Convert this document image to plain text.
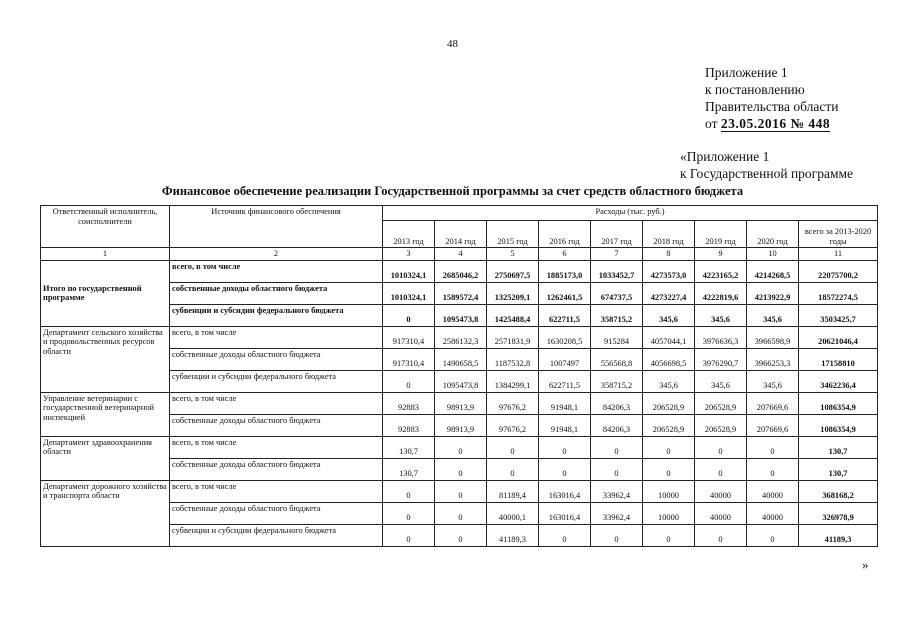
48
Приложение 1
к постановлению
Правительства области
от 23.05.2016 № 448
«Приложение 1
к Государственной программе
Финансовое обеспечение реализации Государственной программы за счет средств областного бюджета
Ответственный исполнитель, соисполнители	Источник финансового обеспечения	Расходы (тыс. руб.)								
		2013 год	2014 год	2015 год	2016 год	2017 год	2018 год	2019 год	2020 год	всего за 2013-2020 годы
1	2	3	4	5	6	7	8	9	10	11
Итого по государственной программе	всего, в том числе	1010324,1	2685046,2	2750697,5	1885173,0	1033452,7	4273573,0	4223165,2	4214268,5	22075700,2
	собственные доходы областного бюджета	1010324,1	1589572,4	1325209,1	1262461,5	674737,5	4273227,4	4222819,6	4213922,9	18572274,5
	субвенции и субсидии федерального бюджета	0	1095473,8	1425488,4	622711,5	358715,2	345,6	345,6	345,6	3503425,7
Департамент сельского хозяйства и продовольственных ресурсов области	всего, в том числе	917310,4	2586132,3	2571831,9	1630208,5	915284	4057044,1	3976636,3	3966598,9	20621046,4
	собственные доходы областного бюджета	917310,4	1490658,5	1187532,8	1007497	556568,8	4056698,5	3976290,7	3966253,3	17158810
	субвенции и субсидии федерального бюджета	0	1095473,8	1384299,1	622711,5	358715,2	345,6	345,6	345,6	3462236,4
Управление ветеринарии с государственной ветеринарной инспекцией	всего, в том числе	92883	98913,9	97676,2	91948,1	84206,3	206528,9	206528,9	207669,6	1086354,9
	собственные доходы областного бюджета	92883	98913,9	97676,2	91948,1	84206,3	206528,9	206528,9	207669,6	1086354,9
Департамент здравоохранения области	всего, в том числе	130,7	0	0	0	0	0	0	0	130,7
	собственные доходы областного бюджета	130,7	0	0	0	0	0	0	0	130,7
Департамент дорожного хозяйства и транспорта области	всего, в том числе	0	0	81189,4	163016,4	33962,4	10000	40000	40000	368168,2
	собственные доходы областного бюджета	0	0	40000,1	163016,4	33962,4	10000	40000	40000	326978,9
	субвенции и субсидии федерального бюджета	0	0	41189,3	0	0	0	0	0	41189,3
»
